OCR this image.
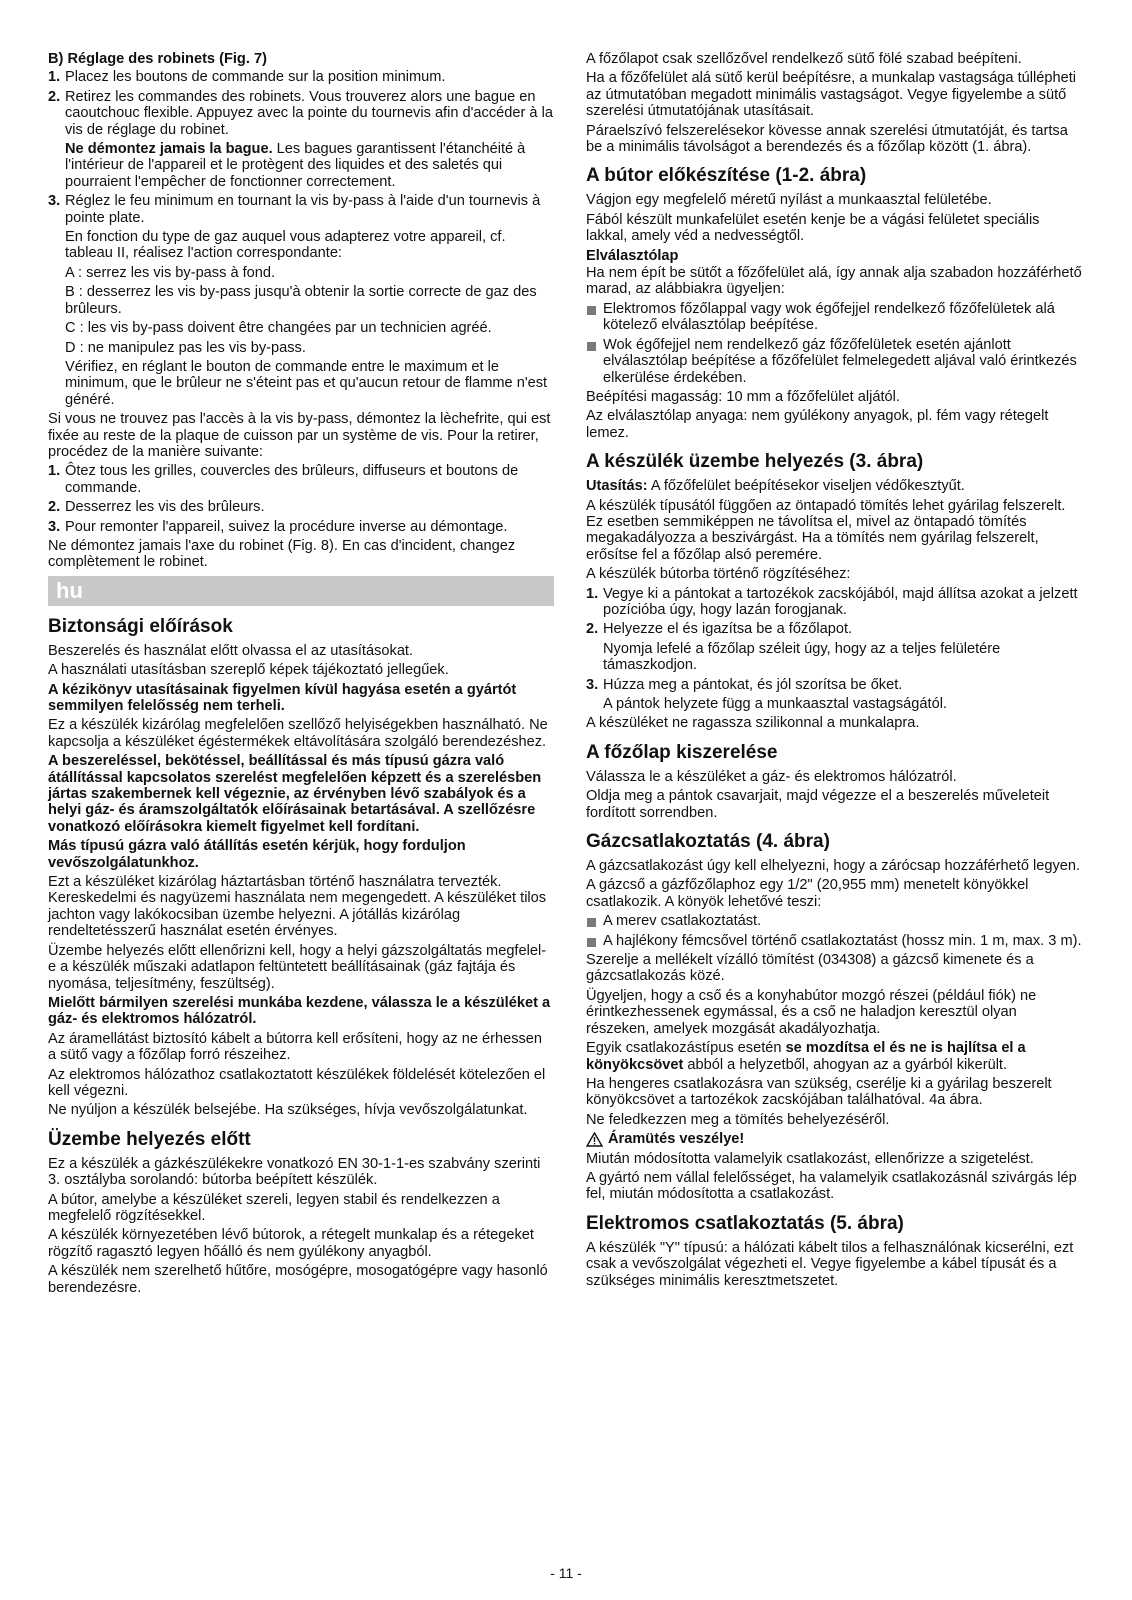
B) Réglage des robinets (Fig. 7)

1. Placez les boutons de commande sur la position minimum.

2. Retirez les commandes des robinets. Vous trouverez alors une bague en caoutchouc flexible. Appuyez avec la pointe du tournevis afin d'accéder à la vis de réglage du robinet.

Ne démontez jamais la bague. Les bagues garantissent l'étanchéité à l'intérieur de l'appareil et le protègent des liquides et des saletés qui pourraient l'empêcher de fonctionner correctement.

3. Réglez le feu minimum en tournant la vis by-pass à l'aide d'un tournevis à pointe plate.

En fonction du type de gaz auquel vous adapterez votre appareil, cf. tableau II, réalisez l'action correspondante:

A : serrez les vis by-pass à fond.

B : desserrez les vis by-pass jusqu'à obtenir la sortie correcte de gaz des brûleurs.

C : les vis by-pass doivent être changées par un technicien agréé.

D : ne manipulez pas les vis by-pass.

Vérifiez, en réglant le bouton de commande entre le maximum et le minimum, que le brûleur ne s'éteint pas et qu'aucun retour de flamme n'est généré.

Si vous ne trouvez pas l'accès à la vis by-pass, démontez la lèchefrite, qui est fixée au reste de la plaque de cuisson par un système de vis. Pour la retirer, procédez de la manière suivante:

1. Ôtez tous les grilles, couvercles des brûleurs, diffuseurs et boutons de commande.

2. Desserrez les vis des brûleurs.

3. Pour remonter l'appareil, suivez la procédure inverse au démontage.

Ne démontez jamais l'axe du robinet (Fig. 8). En cas d'incident, changez complètement le robinet.

hu
Biztonsági előírások

Beszerelés és használat előtt olvassa el az utasításokat.

A használati utasításban szereplő képek tájékoztató jellegűek.

A kézikönyv utasításainak figyelmen kívül hagyása esetén a gyártót semmilyen felelősség nem terheli.

Ez a készülék kizárólag megfelelően szellőző helyiségekben használható. Ne kapcsolja a készüléket égéstermékek eltávolítására szolgáló berendezéshez.

A beszereléssel, bekötéssel, beállítással és más típusú gázra való átállítással kapcsolatos szerelést megfelelően képzett és a szerelésben jártas szakembernek kell végeznie, az érvényben lévő szabályok és a helyi gáz- és áramszolgáltatók előírásainak betartásával. A szellőzésre vonatkozó előírásokra kiemelt figyelmet kell fordítani.

Más típusú gázra való átállítás esetén kérjük, hogy forduljon vevőszolgálatunkhoz.

Ezt a készüléket kizárólag háztartásban történő használatra tervezték. Kereskedelmi és nagyüzemi használata nem megengedett. A készüléket tilos jachton vagy lakókocsiban üzembe helyezni. A jótállás kizárólag rendeltetésszerű használat esetén érvényes.

Üzembe helyezés előtt ellenőrizni kell, hogy a helyi gázszolgáltatás megfelel-e a készülék műszaki adatlapon feltüntetett beállításainak (gáz fajtája és nyomása, teljesítmény, feszültség).

Mielőtt bármilyen szerelési munkába kezdene, válassza le a készüléket a gáz- és elektromos hálózatról.

Az áramellátást biztosító kábelt a bútorra kell erősíteni, hogy az ne érhessen a sütő vagy a főzőlap forró részeihez.

Az elektromos hálózathoz csatlakoztatott készülékek földelését kötelezően el kell végezni.

Ne nyúljon a készülék belsejébe. Ha szükséges, hívja vevőszolgálatunkat.

Üzembe helyezés előtt

Ez a készülék a gázkészülékekre vonatkozó EN 30-1-1-es szabvány szerinti 3. osztályba sorolandó: bútorba beépített készülék.

A bútor, amelybe a készüléket szereli, legyen stabil és rendelkezzen a megfelelő rögzítésekkel.

A készülék környezetében lévő bútorok, a rétegelt munkalap és a rétegeket rögzítő ragasztó legyen hőálló és nem gyúlékony anyagból.

A készülék nem szerelhető hűtőre, mosógépre, mosogatógépre vagy hasonló berendezésre.

A főzőlapot csak szellőzővel rendelkező sütő fölé szabad beépíteni.

Ha a főzőfelület alá sütő kerül beépítésre, a munkalap vastagsága túllépheti az útmutatóban megadott minimális vastagságot. Vegye figyelembe a sütő szerelési útmutatójának utasításait.

Páraelszívó felszerelésekor kövesse annak szerelési útmutatóját, és tartsa be a minimális távolságot a berendezés és a főzőlap között (1. ábra).

A bútor előkészítése (1-2. ábra)

Vágjon egy megfelelő méretű nyílást a munkaasztal felületébe.

Fából készült munkafelület esetén kenje be a vágási felületet speciális lakkal, amely véd a nedvességtől.

Elválasztólap

Ha nem épít be sütőt a főzőfelület alá, így annak alja szabadon hozzáférhető marad, az alábbiakra ügyeljen:

Elektromos főzőlappal vagy wok égőfejjel rendelkező főzőfelületek alá kötelező elválasztólap beépítése.

Wok égőfejjel nem rendelkező gáz főzőfelületek esetén ajánlott elválasztólap beépítése a főzőfelület felmelegedett aljával való érintkezés elkerülése érdekében.

Beépítési magasság: 10 mm a főzőfelület aljától.

Az elválasztólap anyaga: nem gyúlékony anyagok, pl. fém vagy rétegelt lemez.

A készülék üzembe helyezés (3. ábra)

Utasítás: A főzőfelület beépítésekor viseljen védőkesztyűt.

A készülék típusától függően az öntapadó tömítés lehet gyárilag felszerelt. Ez esetben semmiképpen ne távolítsa el, mivel az öntapadó tömítés megakadályozza a beszivárgást. Ha a tömítés nem gyárilag felszerelt, erősítse fel a főzőlap alsó peremére.

A készülék bútorba történő rögzítéséhez:

1. Vegye ki a pántokat a tartozékok zacskójából, majd állítsa azokat a jelzett pozícióba úgy, hogy lazán forogjanak.

2. Helyezze el és igazítsa be a főzőlapot.

Nyomja lefelé a főzőlap széleit úgy, hogy az a teljes felületére támaszkodjon.

3. Húzza meg a pántokat, és jól szorítsa be őket.

A pántok helyzete függ a munkaasztal vastagságától.

A készüléket ne ragassza szilikonnal a munkalapra.

A főzőlap kiszerelése

Válassza le a készüléket a gáz- és elektromos hálózatról.

Oldja meg a pántok csavarjait, majd végezze el a beszerelés műveleteit fordított sorrendben.

Gázcsatlakoztatás (4. ábra)

A gázcsatlakozást úgy kell elhelyezni, hogy a zárócsap hozzáférhető legyen.

A gázcső a gázfőzőlaphoz egy 1/2" (20,955 mm) menetelt könyökkel csatlakozik. A könyök lehetővé teszi:

A merev csatlakoztatást.

A hajlékony fémcsővel történő csatlakoztatást (hossz min. 1 m, max. 3 m).

Szerelje a mellékelt vízálló tömítést (034308) a gázcső kimenete és a gázcsatlakozás közé.

Ügyeljen, hogy a cső és a konyhabútor mozgó részei (például fiók) ne érintkezhessenek egymással, és a cső ne haladjon keresztül olyan részeken, amelyek mozgását akadályozhatja.

Egyik csatlakozástípus esetén se mozdítsa el és ne is hajlítsa el a könyökcsövet abból a helyzetből, ahogyan az a gyárból kikerült.

Ha hengeres csatlakozásra van szükség, cserélje ki a gyárilag beszerelt könyökcsövet a tartozékok zacskójában találhatóval. 4a ábra.

Ne feledkezzen meg a tömítés behelyezéséről.

Áramütés veszélye!

Miután módosította valamelyik csatlakozást, ellenőrizze a szigetelést.

A gyártó nem vállal felelősséget, ha valamelyik csatlakozásnál szivárgás lép fel, miután módosította a csatlakozást.

Elektromos csatlakoztatás (5. ábra)

A készülék "Y" típusú: a hálózati kábelt tilos a felhasználónak kicserélni, ezt csak a vevőszolgálat végezheti el. Vegye figyelembe a kábel típusát és a szükséges minimális keresztmetszetet.

- 11 -
